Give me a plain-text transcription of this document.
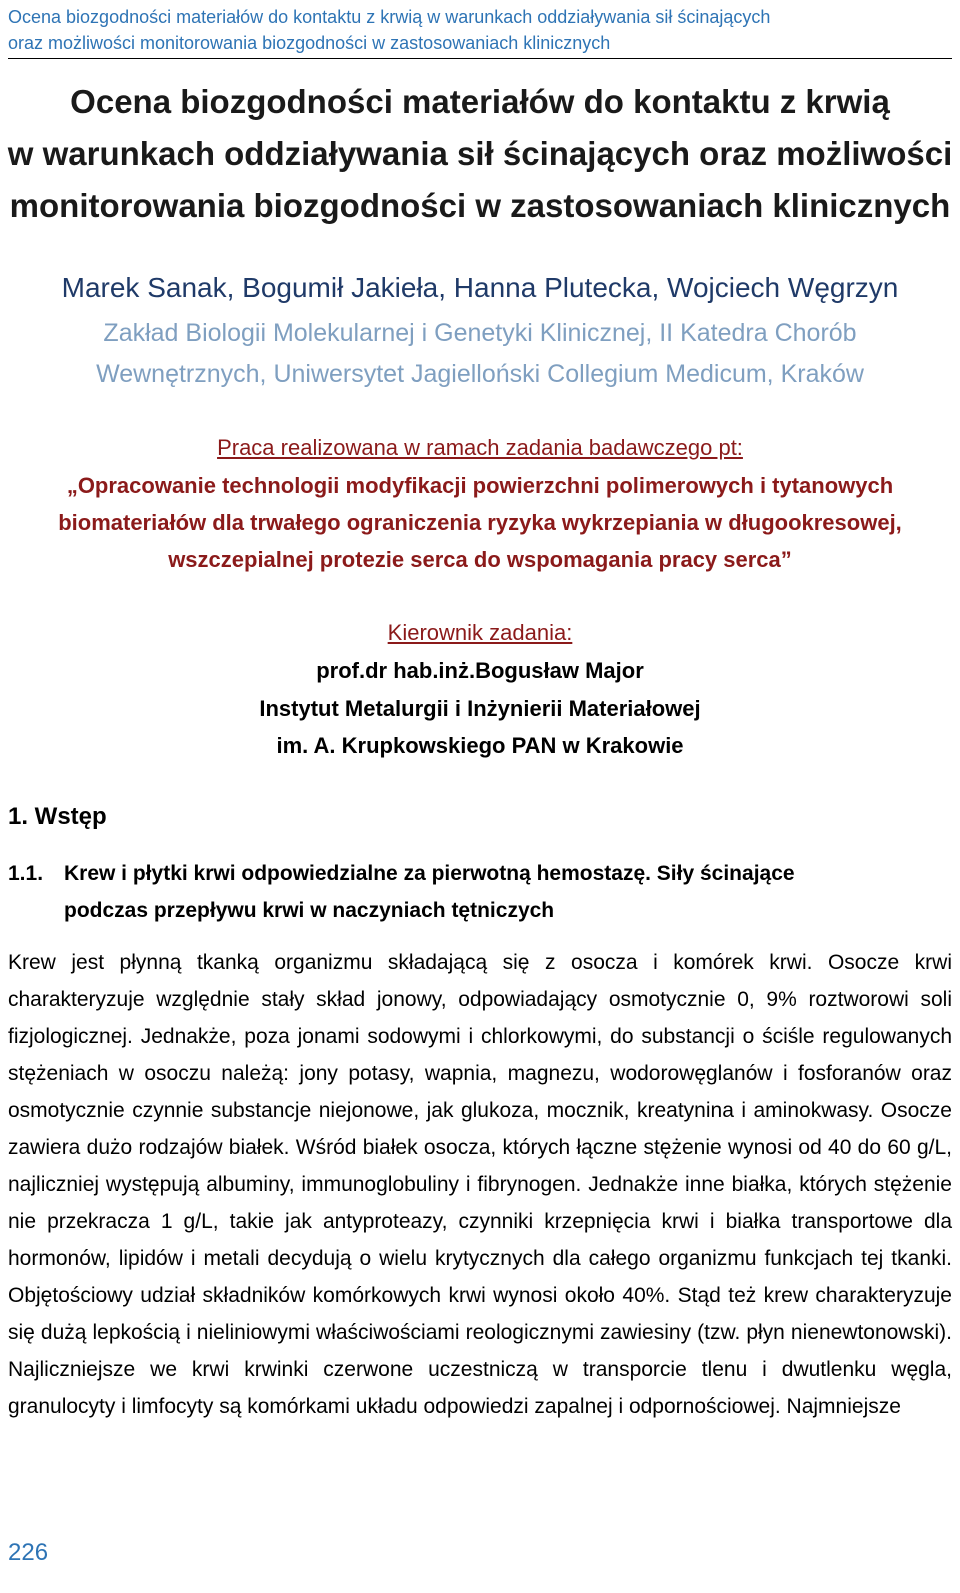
Ocena biozgodności materiałów do kontaktu z krwią w warunkach oddziaływania sił ścinających
oraz możliwości monitorowania biozgodności w zastosowaniach klinicznych
Ocena biozgodności materiałów do kontaktu z krwią
w warunkach oddziaływania sił ścinających oraz możliwości
monitorowania biozgodności w zastosowaniach klinicznych
Marek Sanak, Bogumił Jakieła, Hanna Plutecka, Wojciech Węgrzyn
Zakład Biologii Molekularnej i Genetyki Klinicznej, II Katedra Chorób
Wewnętrznych, Uniwersytet Jagielloński Collegium Medicum, Kraków
Praca realizowana w ramach zadania badawczego pt:
„Opracowanie technologii modyfikacji powierzchni polimerowych i tytanowych
biomateriałów dla trwałego ograniczenia ryzyka wykrzepiania w długookresowej,
wszczepialnej protezie serca do wspomagania pracy serca”
Kierownik zadania:
prof.dr hab.inż.Bogusław Major
Instytut Metalurgii i Inżynierii Materiałowej
im. A. Krupkowskiego PAN w Krakowie
1. Wstęp
1.1. Krew i płytki krwi odpowiedzialne za pierwotną hemostazę. Siły ścinające
podczas przepływu krwi w naczyniach tętniczych
Krew jest płynną tkanką organizmu składającą się z osocza i komórek krwi. Osocze krwi charakteryzuje względnie stały skład jonowy, odpowiadający osmotycznie 0, 9% roztworowi soli fizjologicznej. Jednakże, poza jonami sodowymi i chlorkowymi, do substancji o ściśle regulowanych stężeniach w osoczu należą: jony potasy, wapnia, magnezu, wodorowęglanów i fosforanów oraz osmotycznie czynnie substancje niejonowe, jak glukoza, mocznik, kreatynina i aminokwasy. Osocze zawiera dużo rodzajów białek. Wśród białek osocza, których łączne stężenie wynosi od 40 do 60 g/L, najliczniej występują albuminy, immunoglobuliny i fibrynogen. Jednakże inne białka, których stężenie nie przekracza 1 g/L, takie jak antyproteazy, czynniki krzepnięcia krwi i białka transportowe dla hormonów, lipidów i metali decydują o wielu krytycznych dla całego organizmu funkcjach tej tkanki. Objętościowy udział składników komórkowych krwi wynosi około 40%. Stąd też krew charakteryzuje się dużą lepkością i nieliniowymi właściwościami reologicznymi zawiesiny (tzw. płyn nienewtonowski). Najliczniejsze we krwi krwinki czerwone uczestniczą w transporcie tlenu i dwutlenku węgla, granulocyty i limfocyty są komórkami układu odpowiedzi zapalnej i odpornościowej. Najmniejsze
226
